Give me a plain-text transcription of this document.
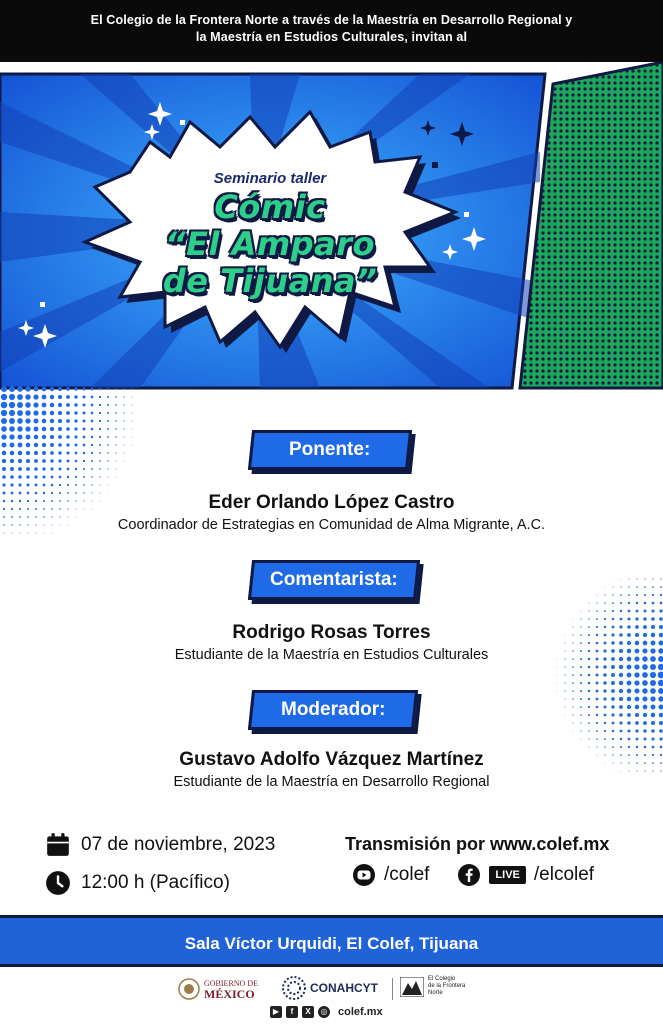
El Colegio de la Frontera Norte a través de la Maestría en Desarrollo Regional y
la Maestría en Estudios Culturales, invitan al
Seminario taller
Cómic
“El Amparo
de Tijuana”
Ponente:
Eder Orlando López Castro
Coordinador de Estrategias en Comunidad de Alma Migrante, A.C.
Comentarista:
Rodrigo Rosas Torres
Estudiante de la Maestría en Estudios Culturales
Moderador:
Gustavo Adolfo Vázquez Martínez
Estudiante de la Maestría en Desarrollo Regional
07 de noviembre, 2023
12:00 h (Pacífico)
Transmisión por www.colef.mx
/colef	LIVE /elcolef
Sala Víctor Urquidi, El Colef, Tijuana
GOBIERNO DE
MÉXICO	CONAHCYT
El Colegio
de la Frontera
Norte
▶	f	X	◎ colef.mx
